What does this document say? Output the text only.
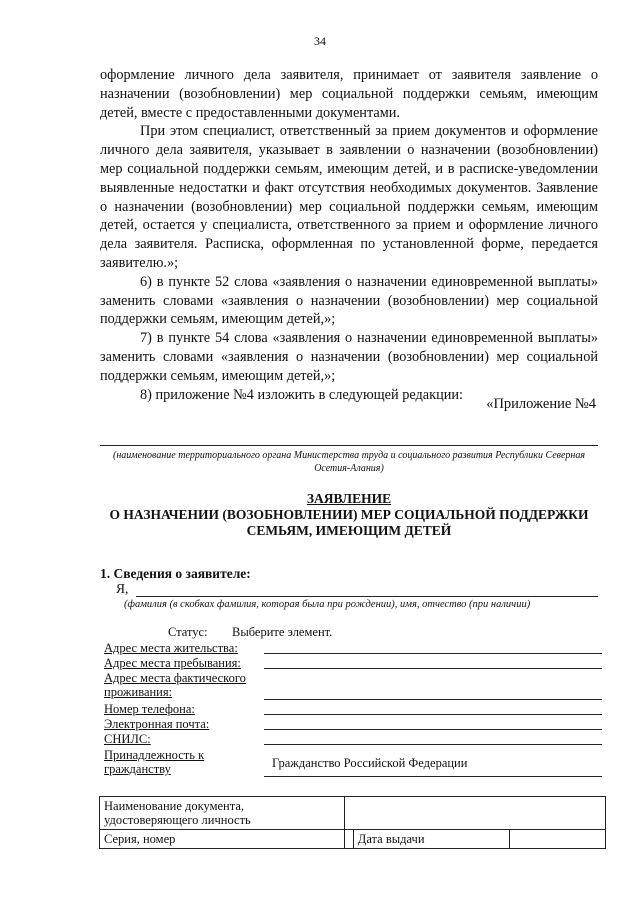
34

оформление личного дела заявителя, принимает от заявителя заявление о назначении (возобновлении) мер социальной поддержки семьям, имеющим детей, вместе с предоставленными документами.

При этом специалист, ответственный за прием документов и оформление личного дела заявителя, указывает в заявлении о назначении (возобновлении) мер социальной поддержки семьям, имеющим детей, и в расписке-уведомлении выявленные недостатки и факт отсутствия необходимых документов. Заявление о назначении (возобновлении) мер социальной поддержки семьям, имеющим детей, остается у специалиста, ответственного за прием и оформление личного дела заявителя. Расписка, оформленная по установленной форме, передается заявителю.»;

6) в пункте 52 слова «заявления о назначении единовременной выплаты» заменить словами «заявления о назначении (возобновлении) мер социальной поддержки семьям, имеющим детей,»;

7) в пункте 54 слова «заявления о назначении единовременной выплаты» заменить словами «заявления о назначении (возобновлении) мер социальной поддержки семьям, имеющим детей,»;

8) приложение №4 изложить в следующей редакции:

«Приложение №4
(наименование территориального органа Министерства труда и социального развития Республики Северная Осетия-Алания)
ЗАЯВЛЕНИЕ
О НАЗНАЧЕНИИ (ВОЗОБНОВЛЕНИИ) МЕР СОЦИАЛЬНОЙ ПОДДЕРЖКИ
СЕМЬЯМ, ИМЕЮЩИМ ДЕТЕЙ
1. Сведения о заявителе:
Я,
(фамилия (в скобках фамилия, которая была при рождении), имя, отчество (при наличии)
Статус: Выберите элемент.
Адрес места жительства:
Адрес места пребывания:
Адрес места фактического проживания:
Номер телефона:
Электронная почта:
СНИЛС:
Принадлежность к гражданству	Гражданство Российской Федерации
Наименование документа, удостоверяющего личность			
Серия, номер		Дата выдачи	
